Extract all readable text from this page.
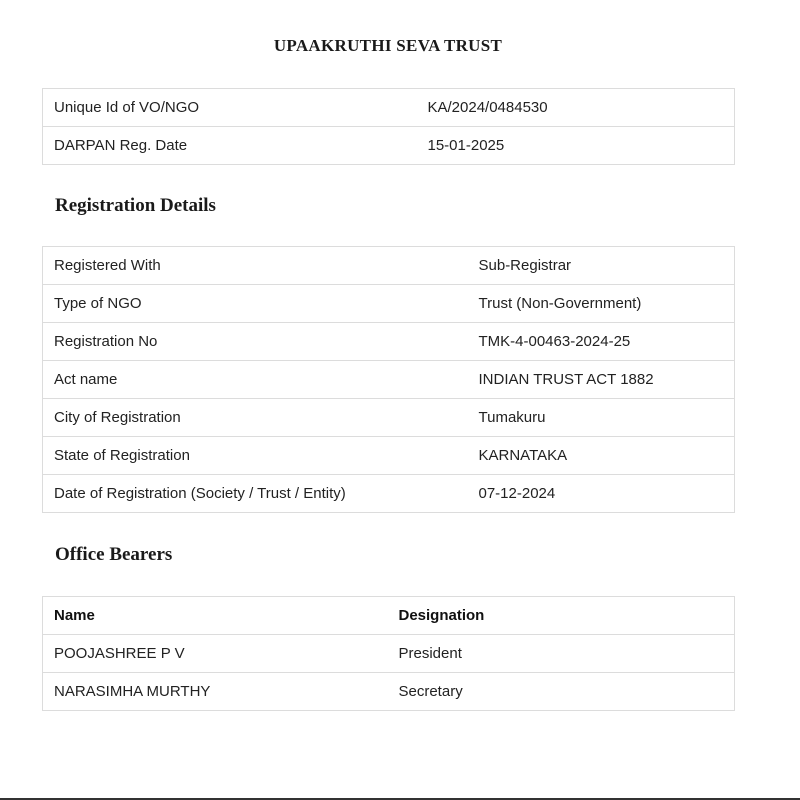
UPAAKRUTHI SEVA TRUST
Unique Id of VO/NGO	KA/2024/0484530
DARPAN Reg. Date	15-01-2025
Registration Details
Registered With	Sub-Registrar
Type of NGO	Trust (Non-Government)
Registration No	TMK-4-00463-2024-25
Act name	INDIAN TRUST ACT 1882
City of Registration	Tumakuru
State of Registration	KARNATAKA
Date of Registration (Society / Trust / Entity)	07-12-2024
Office Bearers
Name	Designation
POOJASHREE P V	President
NARASIMHA MURTHY	Secretary
